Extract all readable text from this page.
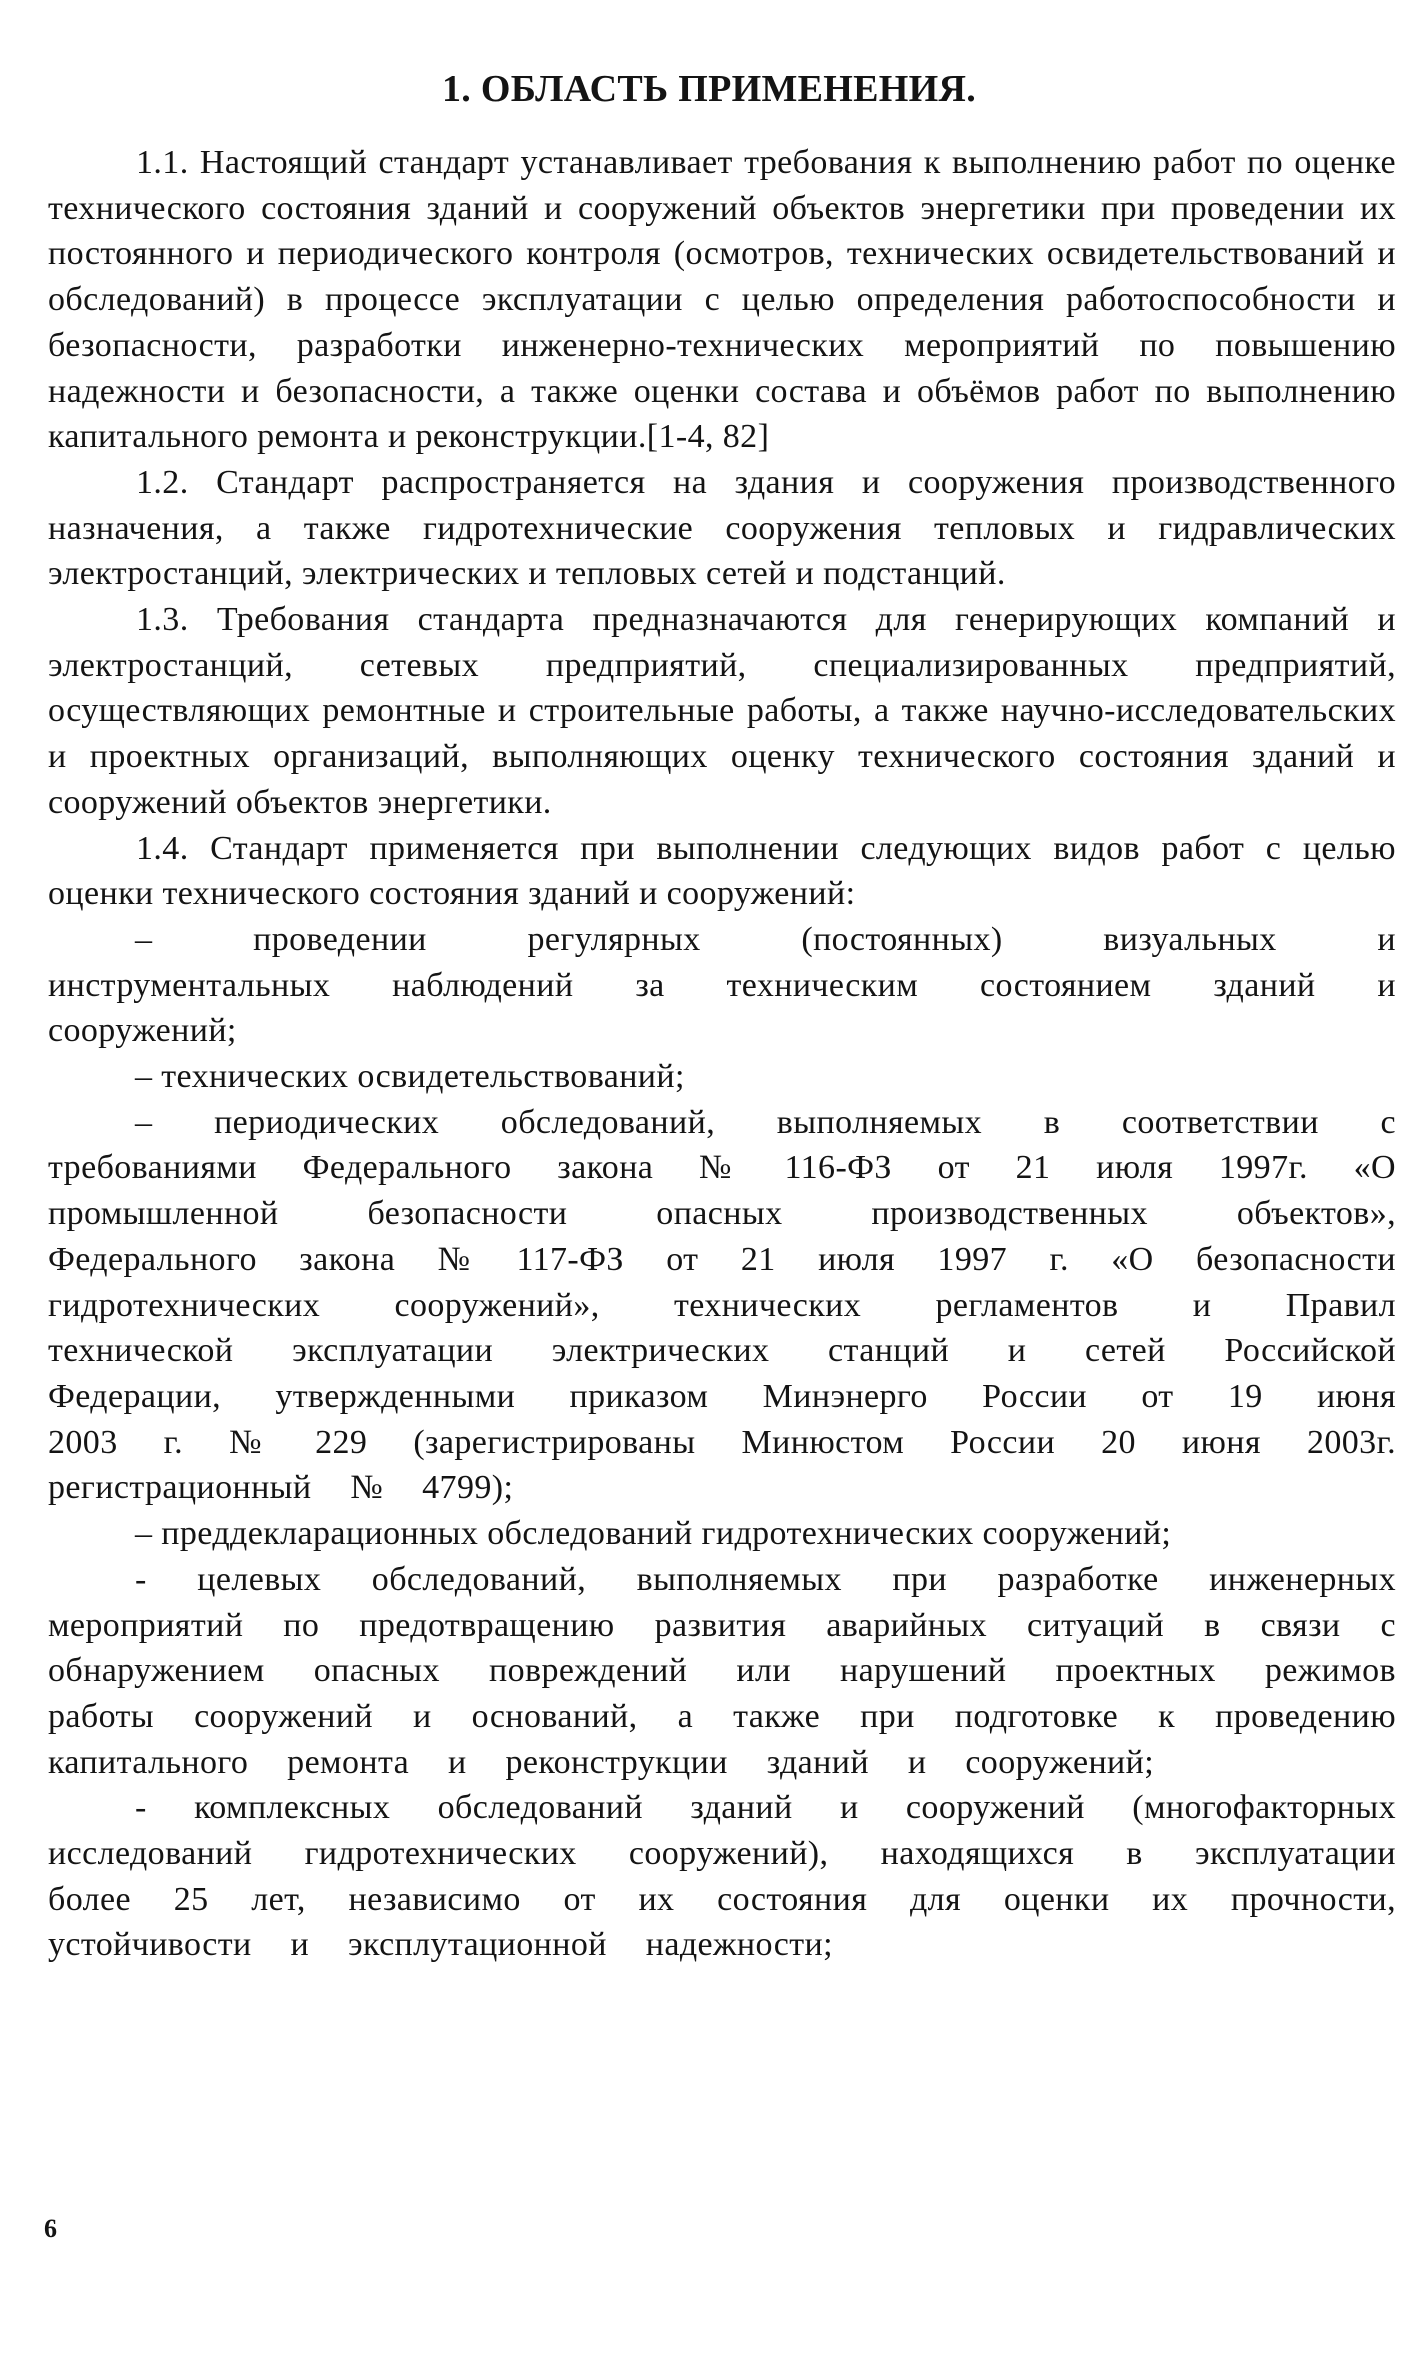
1. ОБЛАСТЬ ПРИМЕНЕНИЯ.

1.1. Настоящий стандарт устанавливает требования к выполнению работ по оценке технического состояния зданий и сооружений объектов энергетики при проведении их постоянного и периодического контроля (осмотров, технических освидетельствований и обследований) в процессе эксплуатации с целью определения работоспособности и безопасности, разработки инженерно-технических мероприятий по повышению надежности и безопасности, а также оценки состава и объёмов работ по выполнению капитального ремонта и реконструкции.[1-4, 82]

1.2. Стандарт распространяется на здания и сооружения производственного назначения, а также гидротехнические сооружения тепловых и гидравлических электростанций, электрических и тепловых сетей и подстанций.

1.3. Требования стандарта предназначаются для генерирующих компаний и электростанций, сетевых предприятий, специализированных предприятий, осуществляющих ремонтные и строительные работы, а также научно-исследовательских и проектных организаций, выполняющих оценку технического состояния зданий и сооружений объектов энергетики.

1.4. Стандарт применяется при выполнении следующих видов работ с целью оценки технического состояния зданий и сооружений:

– проведении регулярных (постоянных) визуальных и инструментальных наблюдений за техническим состоянием зданий и сооружений;

– технических освидетельствований;

– периодических обследований, выполняемых в соответствии с требованиями Федерального закона № 116-ФЗ от 21 июля 1997г. «О промышленной безопасности опасных производственных объектов», Федерального закона № 117-ФЗ от 21 июля 1997 г. «О безопасности гидротехнических сооружений», технических регламентов и Правил технической эксплуатации электрических станций и сетей Российской Федерации, утвержденными приказом Минэнерго России от 19 июня 2003 г. № 229 (зарегистрированы Минюстом России 20 июня 2003г. регистрационный № 4799);

– преддекларационных обследований гидротехнических сооружений;

- целевых обследований, выполняемых при разработке инженерных мероприятий по предотвращению развития аварийных ситуаций в связи с обнаружением опасных повреждений или нарушений проектных режимов работы сооружений и оснований, а также при подготовке к проведению капитального ремонта и реконструкции зданий и сооружений;

- комплексных обследований зданий и сооружений (многофакторных исследований гидротехнических сооружений), находящихся в эксплуатации более 25 лет, независимо от их состояния для оценки их прочности, устойчивости и эксплутационной надежности;

6
